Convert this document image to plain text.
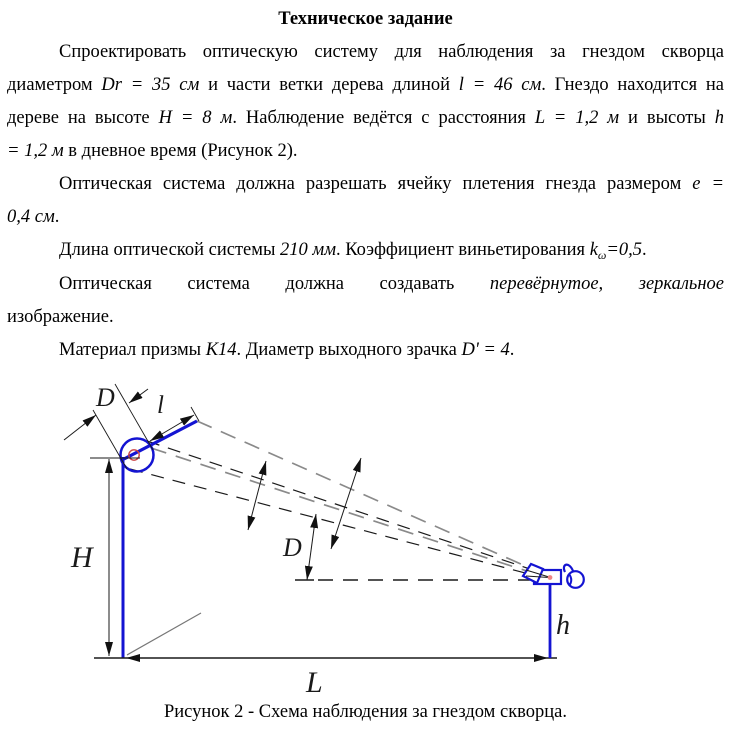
Техническое задание

Спроектировать оптическую систему для наблюдения за гнездом скворца
диаметром Dr = 35 см и части ветки дерева длиной l = 46 см. Гнездо находится на
дереве на высоте H = 8 м. Наблюдение ведётся с расстояния L = 1,2 м и высоты h
= 1,2 м в дневное время (Рисунок 2).

Оптическая система должна разрешать ячейку плетения гнезда размером e =
0,4 см.

Длина оптической системы 210 мм. Коэффициент виньетирования $k_\omega=0,5$.

Оптическая система должна создавать перевёрнутое, зеркальное
изображение.

Материал призмы К14. Диаметр выходного зрачка D' = 4.

D l
H	D
h
L
Рисунок 2 - Схема наблюдения за гнездом скворца.
